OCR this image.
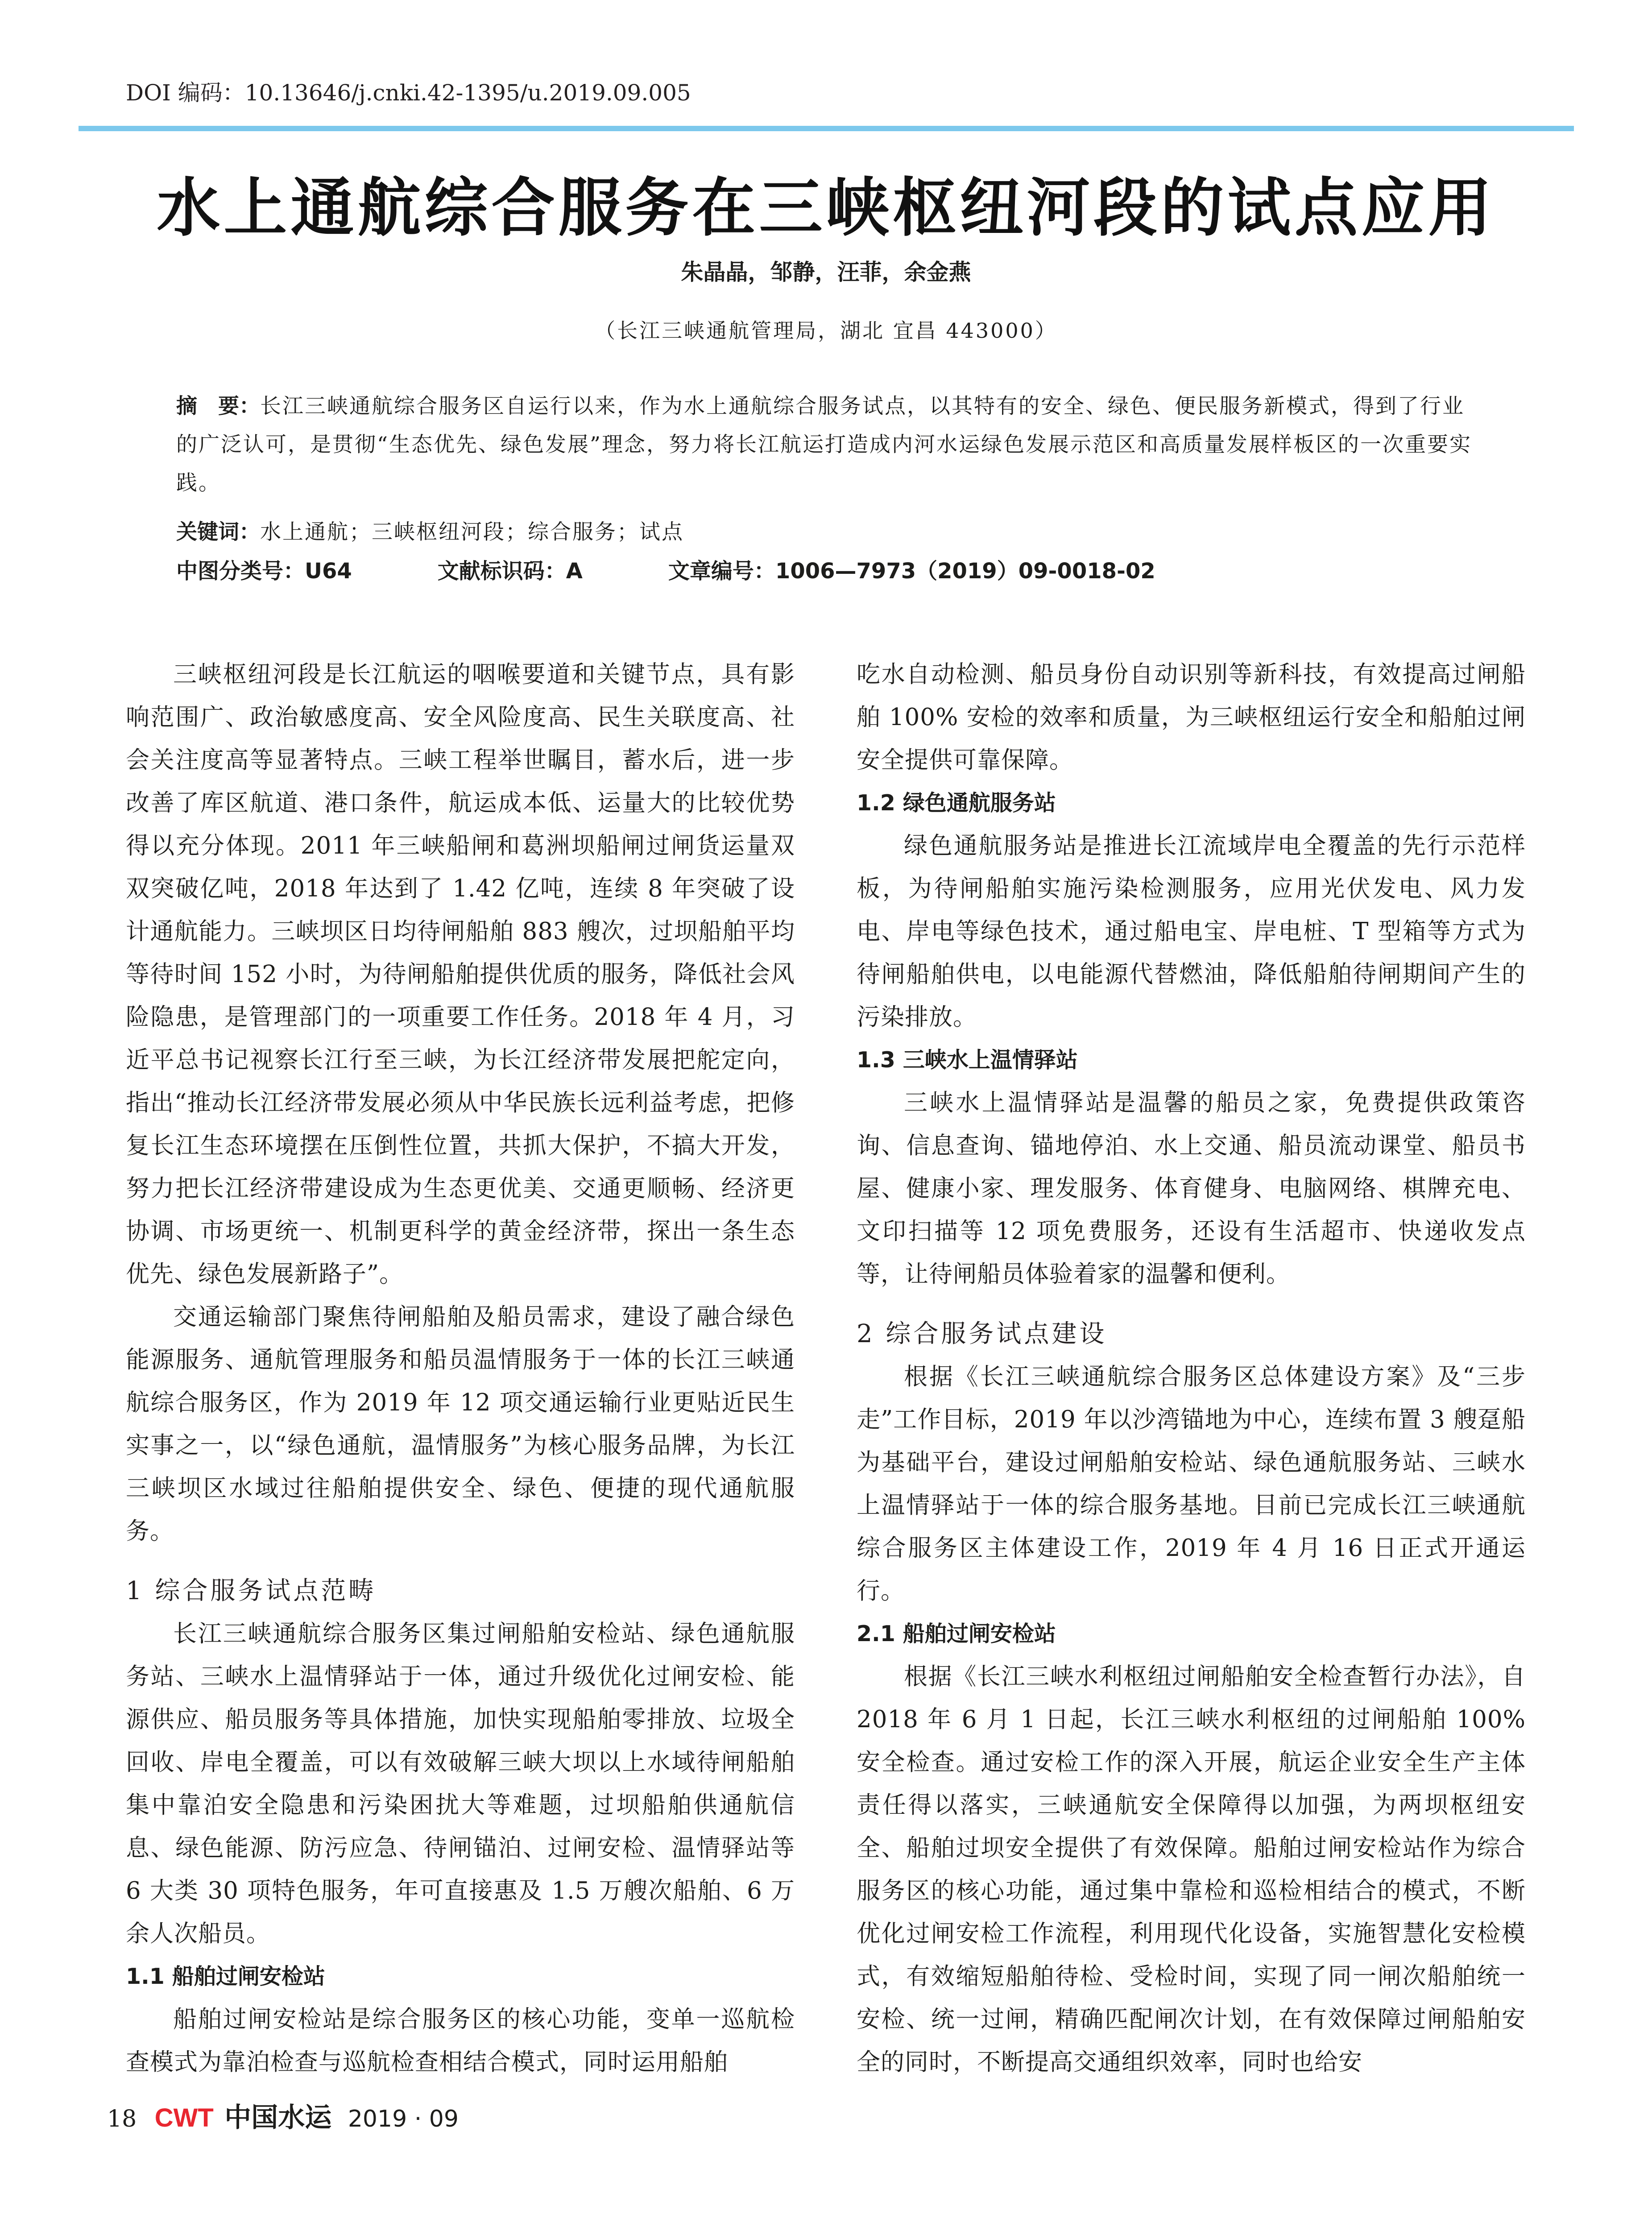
DOI 编码：10.13646/j.cnki.42-1395/u.2019.09.005
水上通航综合服务在三峡枢纽河段的试点应用
朱晶晶，邹静，汪菲，余金燕
（长江三峡通航管理局，湖北 宜昌 443000）
摘　要：长江三峡通航综合服务区自运行以来，作为水上通航综合服务试点，以其特有的安全、绿色、便民服务新模式，得到了行业的广泛认可，是贯彻“生态优先、绿色发展”理念，努力将长江航运打造成内河水运绿色发展示范区和高质量发展样板区的一次重要实践。
关键词：水上通航；三峡枢纽河段；综合服务；试点
中图分类号：U64　　　　文献标识码：A　　　　文章编号：1006—7973（2019）09-0018-02

三峡枢纽河段是长江航运的咽喉要道和关键节点，具有影响范围广、政治敏感度高、安全风险度高、民生关联度高、社会关注度高等显著特点。三峡工程举世瞩目，蓄水后，进一步改善了库区航道、港口条件，航运成本低、运量大的比较优势得以充分体现。2011 年三峡船闸和葛洲坝船闸过闸货运量双双突破亿吨，2018 年达到了 1.42 亿吨，连续 8 年突破了设计通航能力。三峡坝区日均待闸船舶 883 艘次，过坝船舶平均等待时间 152 小时，为待闸船舶提供优质的服务，降低社会风险隐患，是管理部门的一项重要工作任务。2018 年 4 月，习近平总书记视察长江行至三峡，为长江经济带发展把舵定向，指出“推动长江经济带发展必须从中华民族长远利益考虑，把修复长江生态环境摆在压倒性位置，共抓大保护，不搞大开发，努力把长江经济带建设成为生态更优美、交通更顺畅、经济更协调、市场更统一、机制更科学的黄金经济带，探出一条生态优先、绿色发展新路子”。

交通运输部门聚焦待闸船舶及船员需求，建设了融合绿色能源服务、通航管理服务和船员温情服务于一体的长江三峡通航综合服务区，作为 2019 年 12 项交通运输行业更贴近民生实事之一，以“绿色通航，温情服务”为核心服务品牌，为长江三峡坝区水域过往船舶提供安全、绿色、便捷的现代通航服务。

1 综合服务试点范畴

长江三峡通航综合服务区集过闸船舶安检站、绿色通航服务站、三峡水上温情驿站于一体，通过升级优化过闸安检、能源供应、船员服务等具体措施，加快实现船舶零排放、垃圾全回收、岸电全覆盖，可以有效破解三峡大坝以上水域待闸船舶集中靠泊安全隐患和污染困扰大等难题，过坝船舶供通航信息、绿色能源、防污应急、待闸锚泊、过闸安检、温情驿站等 6 大类 30 项特色服务，年可直接惠及 1.5 万艘次船舶、6 万余人次船员。

1.1 船舶过闸安检站

船舶过闸安检站是综合服务区的核心功能，变单一巡航检查模式为靠泊检查与巡航检查相结合模式，同时运用船舶

吃水自动检测、船员身份自动识别等新科技，有效提高过闸船舶 100% 安检的效率和质量，为三峡枢纽运行安全和船舶过闸安全提供可靠保障。

1.2 绿色通航服务站

绿色通航服务站是推进长江流域岸电全覆盖的先行示范样板，为待闸船舶实施污染检测服务，应用光伏发电、风力发电、岸电等绿色技术，通过船电宝、岸电桩、T 型箱等方式为待闸船舶供电，以电能源代替燃油，降低船舶待闸期间产生的污染排放。

1.3 三峡水上温情驿站

三峡水上温情驿站是温馨的船员之家，免费提供政策咨询、信息查询、锚地停泊、水上交通、船员流动课堂、船员书屋、健康小家、理发服务、体育健身、电脑网络、棋牌充电、文印扫描等 12 项免费服务，还设有生活超市、快递收发点等，让待闸船员体验着家的温馨和便利。

2 综合服务试点建设

根据《长江三峡通航综合服务区总体建设方案》及“三步走”工作目标，2019 年以沙湾锚地为中心，连续布置 3 艘趸船为基础平台，建设过闸船舶安检站、绿色通航服务站、三峡水上温情驿站于一体的综合服务基地。目前已完成长江三峡通航综合服务区主体建设工作，2019 年 4 月 16 日正式开通运行。

2.1 船舶过闸安检站

根据《长江三峡水利枢纽过闸船舶安全检查暂行办法》，自 2018 年 6 月 1 日起，长江三峡水利枢纽的过闸船舶 100% 安全检查。通过安检工作的深入开展，航运企业安全生产主体责任得以落实，三峡通航安全保障得以加强，为两坝枢纽安全、船舶过坝安全提供了有效保障。船舶过闸安检站作为综合服务区的核心功能，通过集中靠检和巡检相结合的模式，不断优化过闸安检工作流程，利用现代化设备，实施智慧化安检模式，有效缩短船舶待检、受检时间，实现了同一闸次船舶统一安检、统一过闸，精确匹配闸次计划，在有效保障过闸船舶安全的同时，不断提高交通组织效率，同时也给安

18 CWT 中国水运 2019 · 09
